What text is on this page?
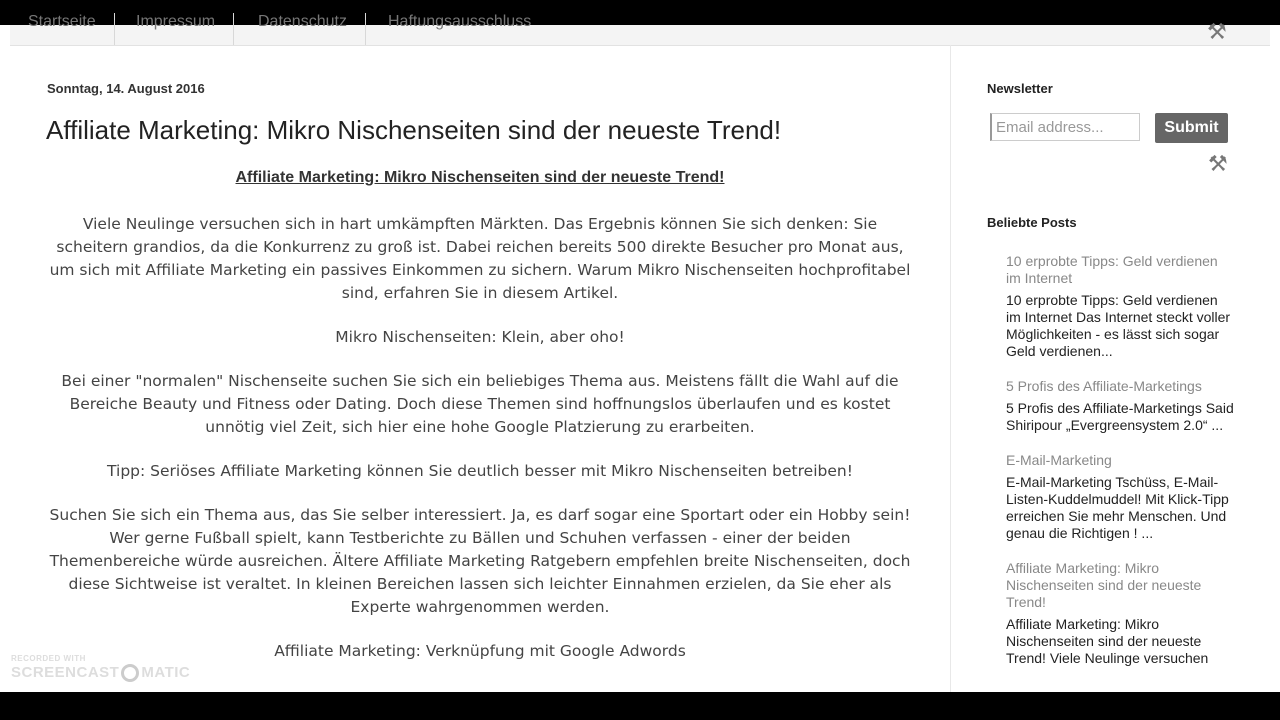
Startseite	Impressum	Datenschutz	Haftungsausschluss	⚒
Sonntag, 14. August 2016
Affiliate Marketing: Mikro Nischenseiten sind der neueste Trend!
Affiliate Marketing: Mikro Nischenseiten sind der neueste Trend!

Viele Neulinge versuchen sich in hart umkämpften Märkten. Das Ergebnis können Sie sich denken: Sie scheitern grandios, da die Konkurrenz zu groß ist. Dabei reichen bereits 500 direkte Besucher pro Monat aus, um sich mit Affiliate Marketing ein passives Einkommen zu sichern. Warum Mikro Nischenseiten hochprofitabel sind, erfahren Sie in diesem Artikel.

Mikro Nischenseiten: Klein, aber oho!

Bei einer "normalen" Nischenseite suchen Sie sich ein beliebiges Thema aus. Meistens fällt die Wahl auf die Bereiche Beauty und Fitness oder Dating. Doch diese Themen sind hoffnungslos überlaufen und es kostet unnötig viel Zeit, sich hier eine hohe Google Platzierung zu erarbeiten.

Tipp: Seriöses Affiliate Marketing können Sie deutlich besser mit Mikro Nischenseiten betreiben!

Suchen Sie sich ein Thema aus, das Sie selber interessiert. Ja, es darf sogar eine Sportart oder ein Hobby sein! Wer gerne Fußball spielt, kann Testberichte zu Bällen und Schuhen verfassen - einer der beiden Themenbereiche würde ausreichen. Ältere Affiliate Marketing Ratgebern empfehlen breite Nischenseiten, doch diese Sichtweise ist veraltet. In kleinen Bereichen lassen sich leichter Einnahmen erzielen, da Sie eher als Experte wahrgenommen werden.

Affiliate Marketing: Verknüpfung mit Google Adwords

Newsletter
Email address...
Submit
⚒
Beliebte Posts
10 erprobte Tipps: Geld verdienen im Internet
10 erprobte Tipps: Geld verdienen im Internet Das Internet steckt voller Möglichkeiten - es lässt sich sogar Geld verdienen...
5 Profis des Affiliate-Marketings
5 Profis des Affiliate-Marketings Said Shiripour „Evergreensystem 2.0“ ...
E-Mail-Marketing
E-Mail-Marketing Tschüss, E-Mail-Listen-Kuddelmuddel! Mit Klick-Tipp erreichen Sie mehr Menschen. Und genau die Richtigen ! ...
Affiliate Marketing: Mikro Nischenseiten sind der neueste Trend!
Affiliate Marketing: Mikro Nischenseiten sind der neueste Trend! Viele Neulinge versuchen
RECORDED WITH
SCREENCAST MATIC
